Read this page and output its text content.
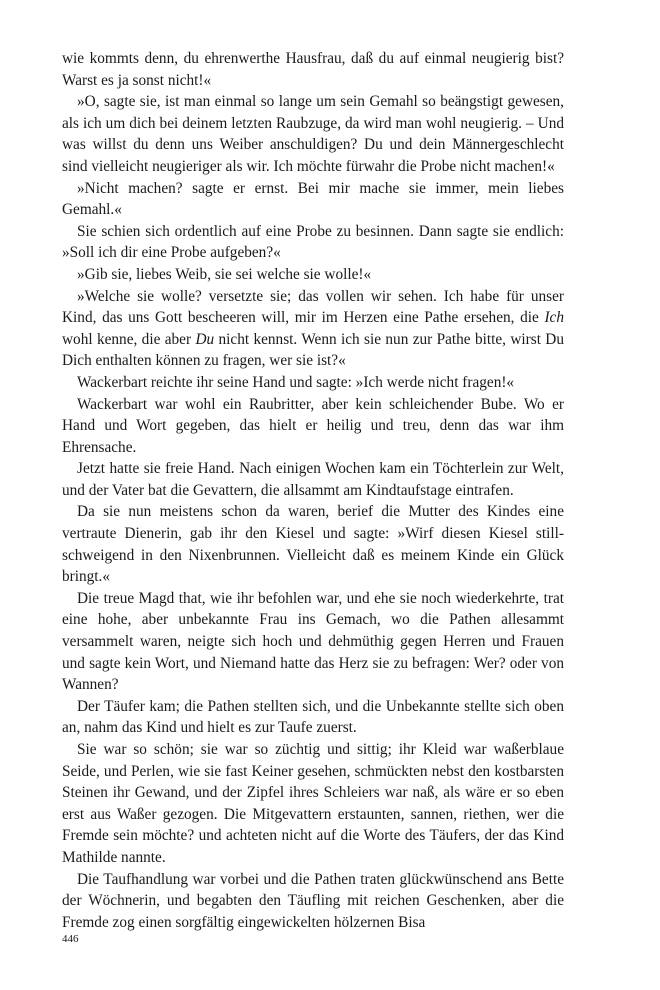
wie kommts denn, du ehrenwerthe Hausfrau, daß du auf einmal neugierig bist? Warst es ja sonst nicht!«

»O, sagte sie, ist man einmal so lange um sein Gemahl so beängstigt gewesen, als ich um dich bei deinem letzten Raubzuge, da wird man wohl neugierig. – Und was willst du denn uns Weiber anschuldigen? Du und dein Männergeschlecht sind vielleicht neugieriger als wir. Ich möchte fürwahr die Probe nicht machen!«

»Nicht machen? sagte er ernst. Bei mir mache sie immer, mein liebes Gemahl.«

Sie schien sich ordentlich auf eine Probe zu besinnen. Dann sagte sie endlich: »Soll ich dir eine Probe aufgeben?«

»Gib sie, liebes Weib, sie sei welche sie wolle!«

»Welche sie wolle? versetzte sie; das vollen wir sehen. Ich habe für unser Kind, das uns Gott bescheeren will, mir im Herzen eine Pathe ersehen, die Ich wohl kenne, die aber Du nicht kennst. Wenn ich sie nun zur Pathe bitte, wirst Du Dich enthalten können zu fragen, wer sie ist?«

Wackerbart reichte ihr seine Hand und sagte: »Ich werde nicht fragen!«

Wackerbart war wohl ein Raubritter, aber kein schleichender Bube. Wo er Hand und Wort gegeben, das hielt er heilig und treu, denn das war ihm Ehrensache.

Jetzt hatte sie freie Hand. Nach einigen Wochen kam ein Töchterlein zur Welt, und der Vater bat die Gevattern, die allsammt am Kindtaufstage eintrafen.

Da sie nun meistens schon da waren, berief die Mutter des Kindes eine vertraute Dienerin, gab ihr den Kiesel und sagte: »Wirf diesen Kiesel stillschweigend in den Nixenbrunnen. Vielleicht daß es meinem Kinde ein Glück bringt.«

Die treue Magd that, wie ihr befohlen war, und ehe sie noch wiederkehrte, trat eine hohe, aber unbekannte Frau ins Gemach, wo die Pathen allesammt versammelt waren, neigte sich hoch und dehmüthig gegen Herren und Frauen und sagte kein Wort, und Niemand hatte das Herz sie zu befragen: Wer? oder von Wannen?

Der Täufer kam; die Pathen stellten sich, und die Unbekannte stellte sich oben an, nahm das Kind und hielt es zur Taufe zuerst.

Sie war so schön; sie war so züchtig und sittig; ihr Kleid war waßerblaue Seide, und Perlen, wie sie fast Keiner gesehen, schmückten nebst den kostbarsten Steinen ihr Gewand, und der Zipfel ihres Schleiers war naß, als wäre er so eben erst aus Waßer gezogen. Die Mitgevattern erstaunten, sannen, riethen, wer die Fremde sein möchte? und achteten nicht auf die Worte des Täufers, der das Kind Mathilde nannte.

Die Taufhandlung war vorbei und die Pathen traten glückwünschend ans Bette der Wöchnerin, und begabten den Täufling mit reichen Geschenken, aber die Fremde zog einen sorgfältig eingewickelten hölzernen Bisa

446
